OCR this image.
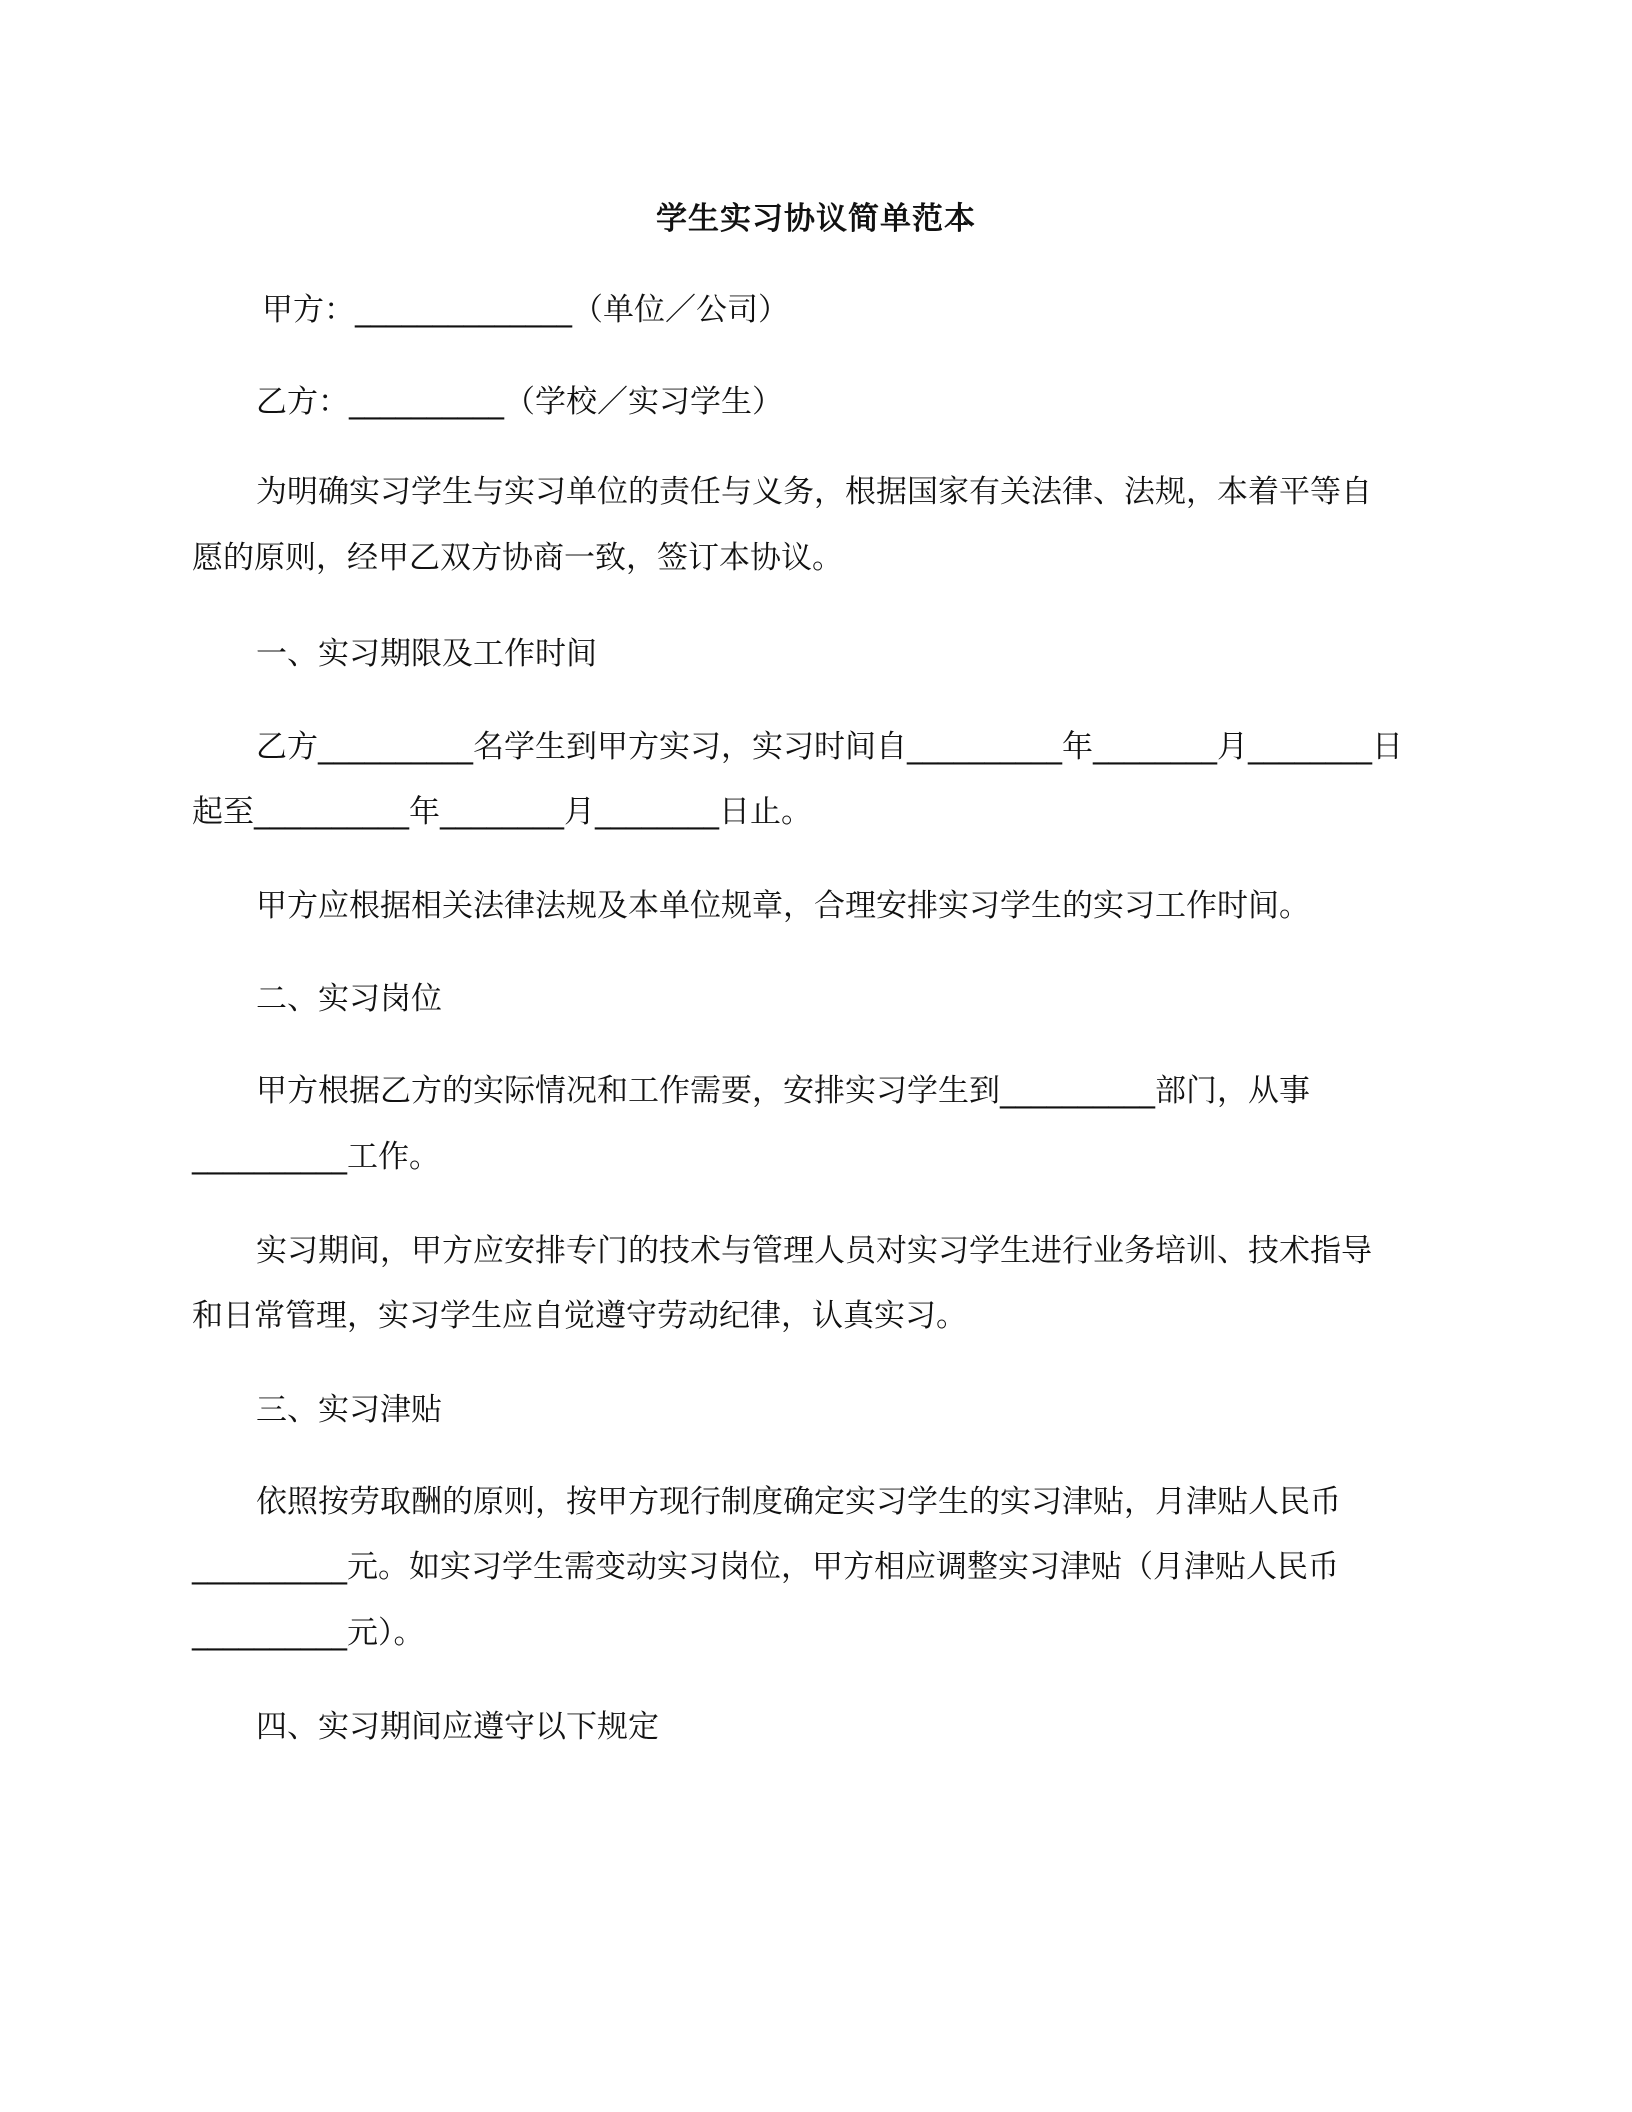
学生实习协议简单范本

甲方：______________（单位／公司）

乙方：__________（学校／实习学生）

为明确实习学生与实习单位的责任与义务，根据国家有关法律、法规，本着平等自

愿的原则，经甲乙双方协商一致，签订本协议。

一、实习期限及工作时间

乙方__________名学生到甲方实习，实习时间自__________年________月________日

起至__________年________月________日止。

甲方应根据相关法律法规及本单位规章，合理安排实习学生的实习工作时间。

二、实习岗位

甲方根据乙方的实际情况和工作需要，安排实习学生到__________部门，从事

__________工作。

实习期间，甲方应安排专门的技术与管理人员对实习学生进行业务培训、技术指导

和日常管理，实习学生应自觉遵守劳动纪律，认真实习。

三、实习津贴

依照按劳取酬的原则，按甲方现行制度确定实习学生的实习津贴，月津贴人民币

__________元。如实习学生需变动实习岗位，甲方相应调整实习津贴（月津贴人民币

__________元）。

四、实习期间应遵守以下规定
